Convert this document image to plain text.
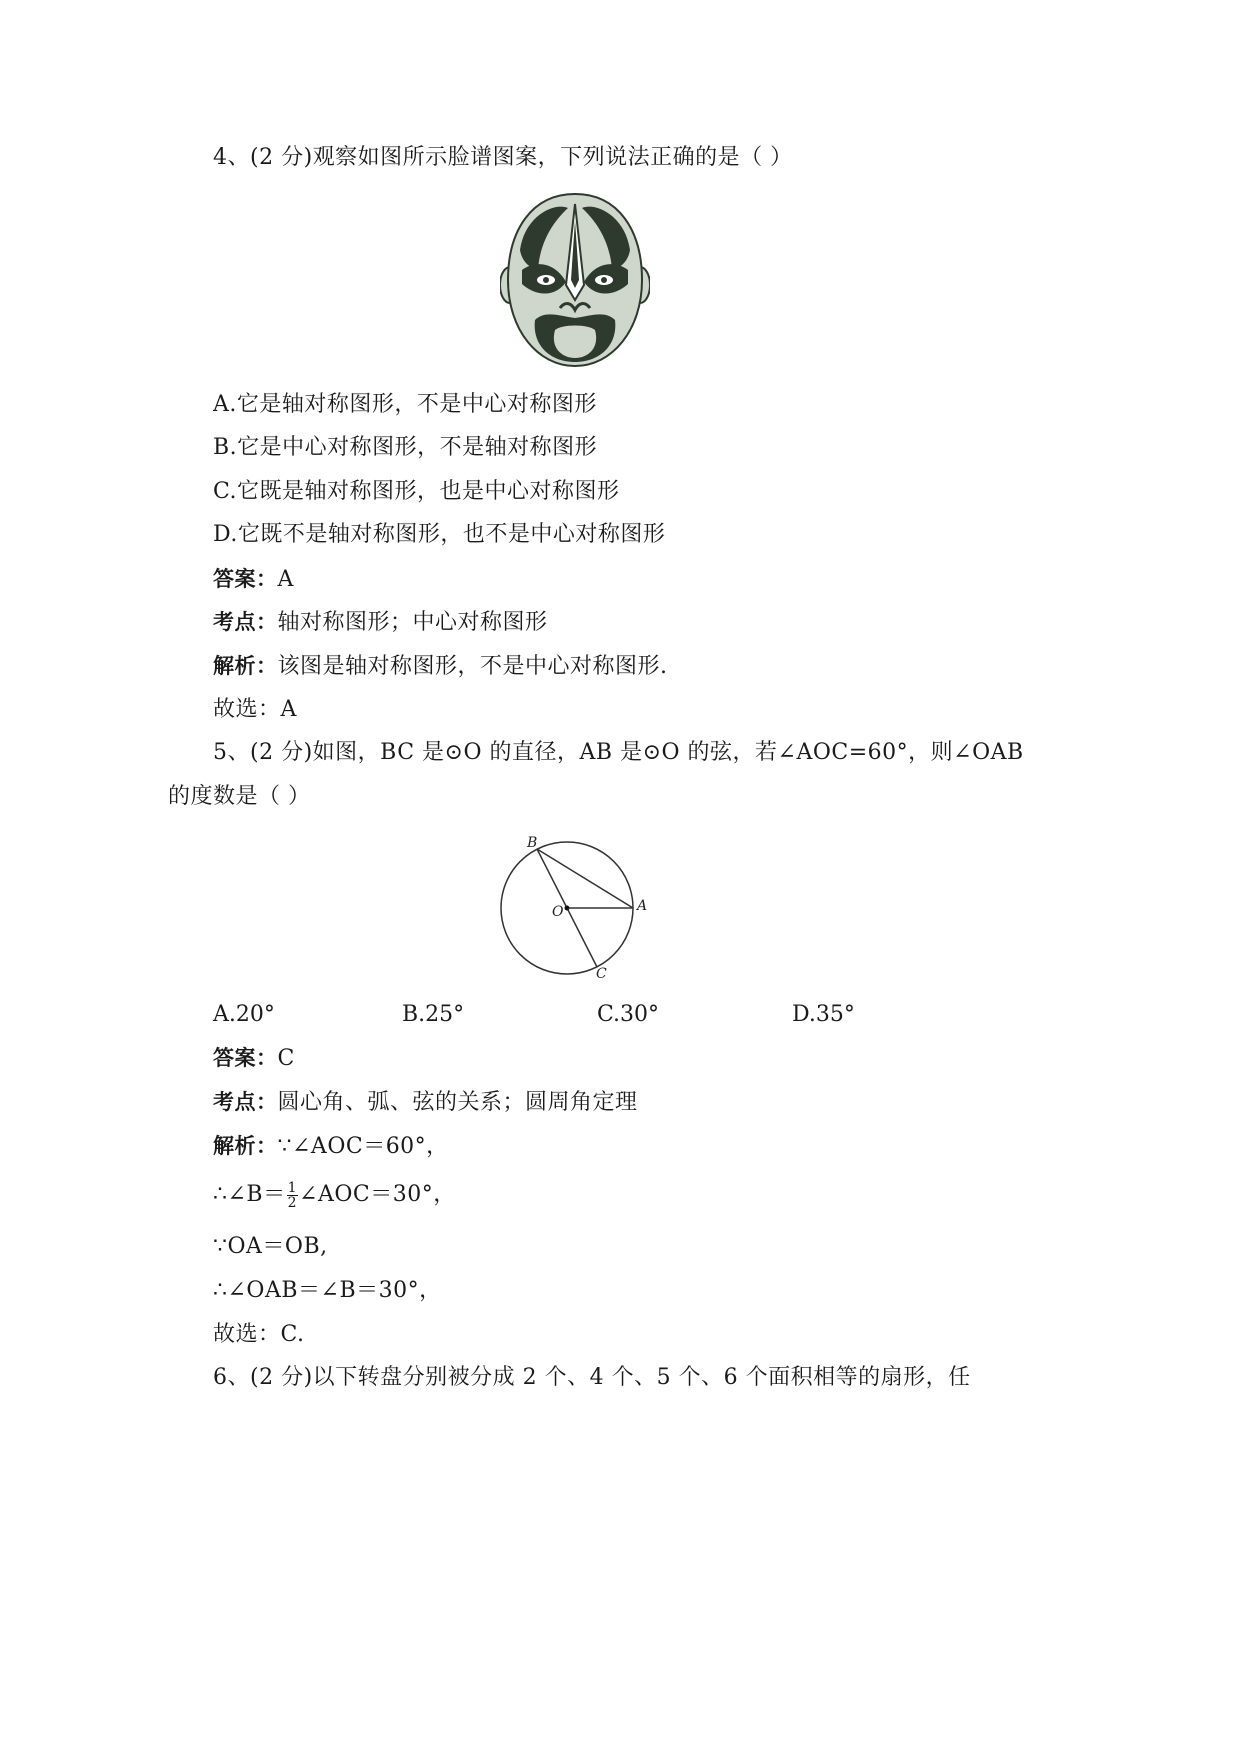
4、(2 分)观察如图所示脸谱图案，下列说法正确的是（ ）
A.它是轴对称图形，不是中心对称图形
B.它是中心对称图形，不是轴对称图形
C.它既是轴对称图形，也是中心对称图形
D.它既不是轴对称图形，也不是中心对称图形
答案：A
考点：轴对称图形；中心对称图形
解析：该图是轴对称图形，不是中心对称图形.
故选：A
5、(2 分)如图，BC 是⊙O 的直径，AB 是⊙O 的弦，若∠AOC=60°，则∠OAB
的度数是（ ）
B
A
O
C
A.20°	B.25°	C.30°	D.35°
答案：C
考点：圆心角、弧、弦的关系；圆周角定理
解析：∵∠AOC＝60°，
∴∠B＝ $\frac{1}{2}$ ∠AOC＝30°，
∵OA＝OB,
∴∠OAB＝∠B＝30°，
故选：C.
6、(2 分)以下转盘分别被分成 2 个、4 个、5 个、6 个面积相等的扇形，任
